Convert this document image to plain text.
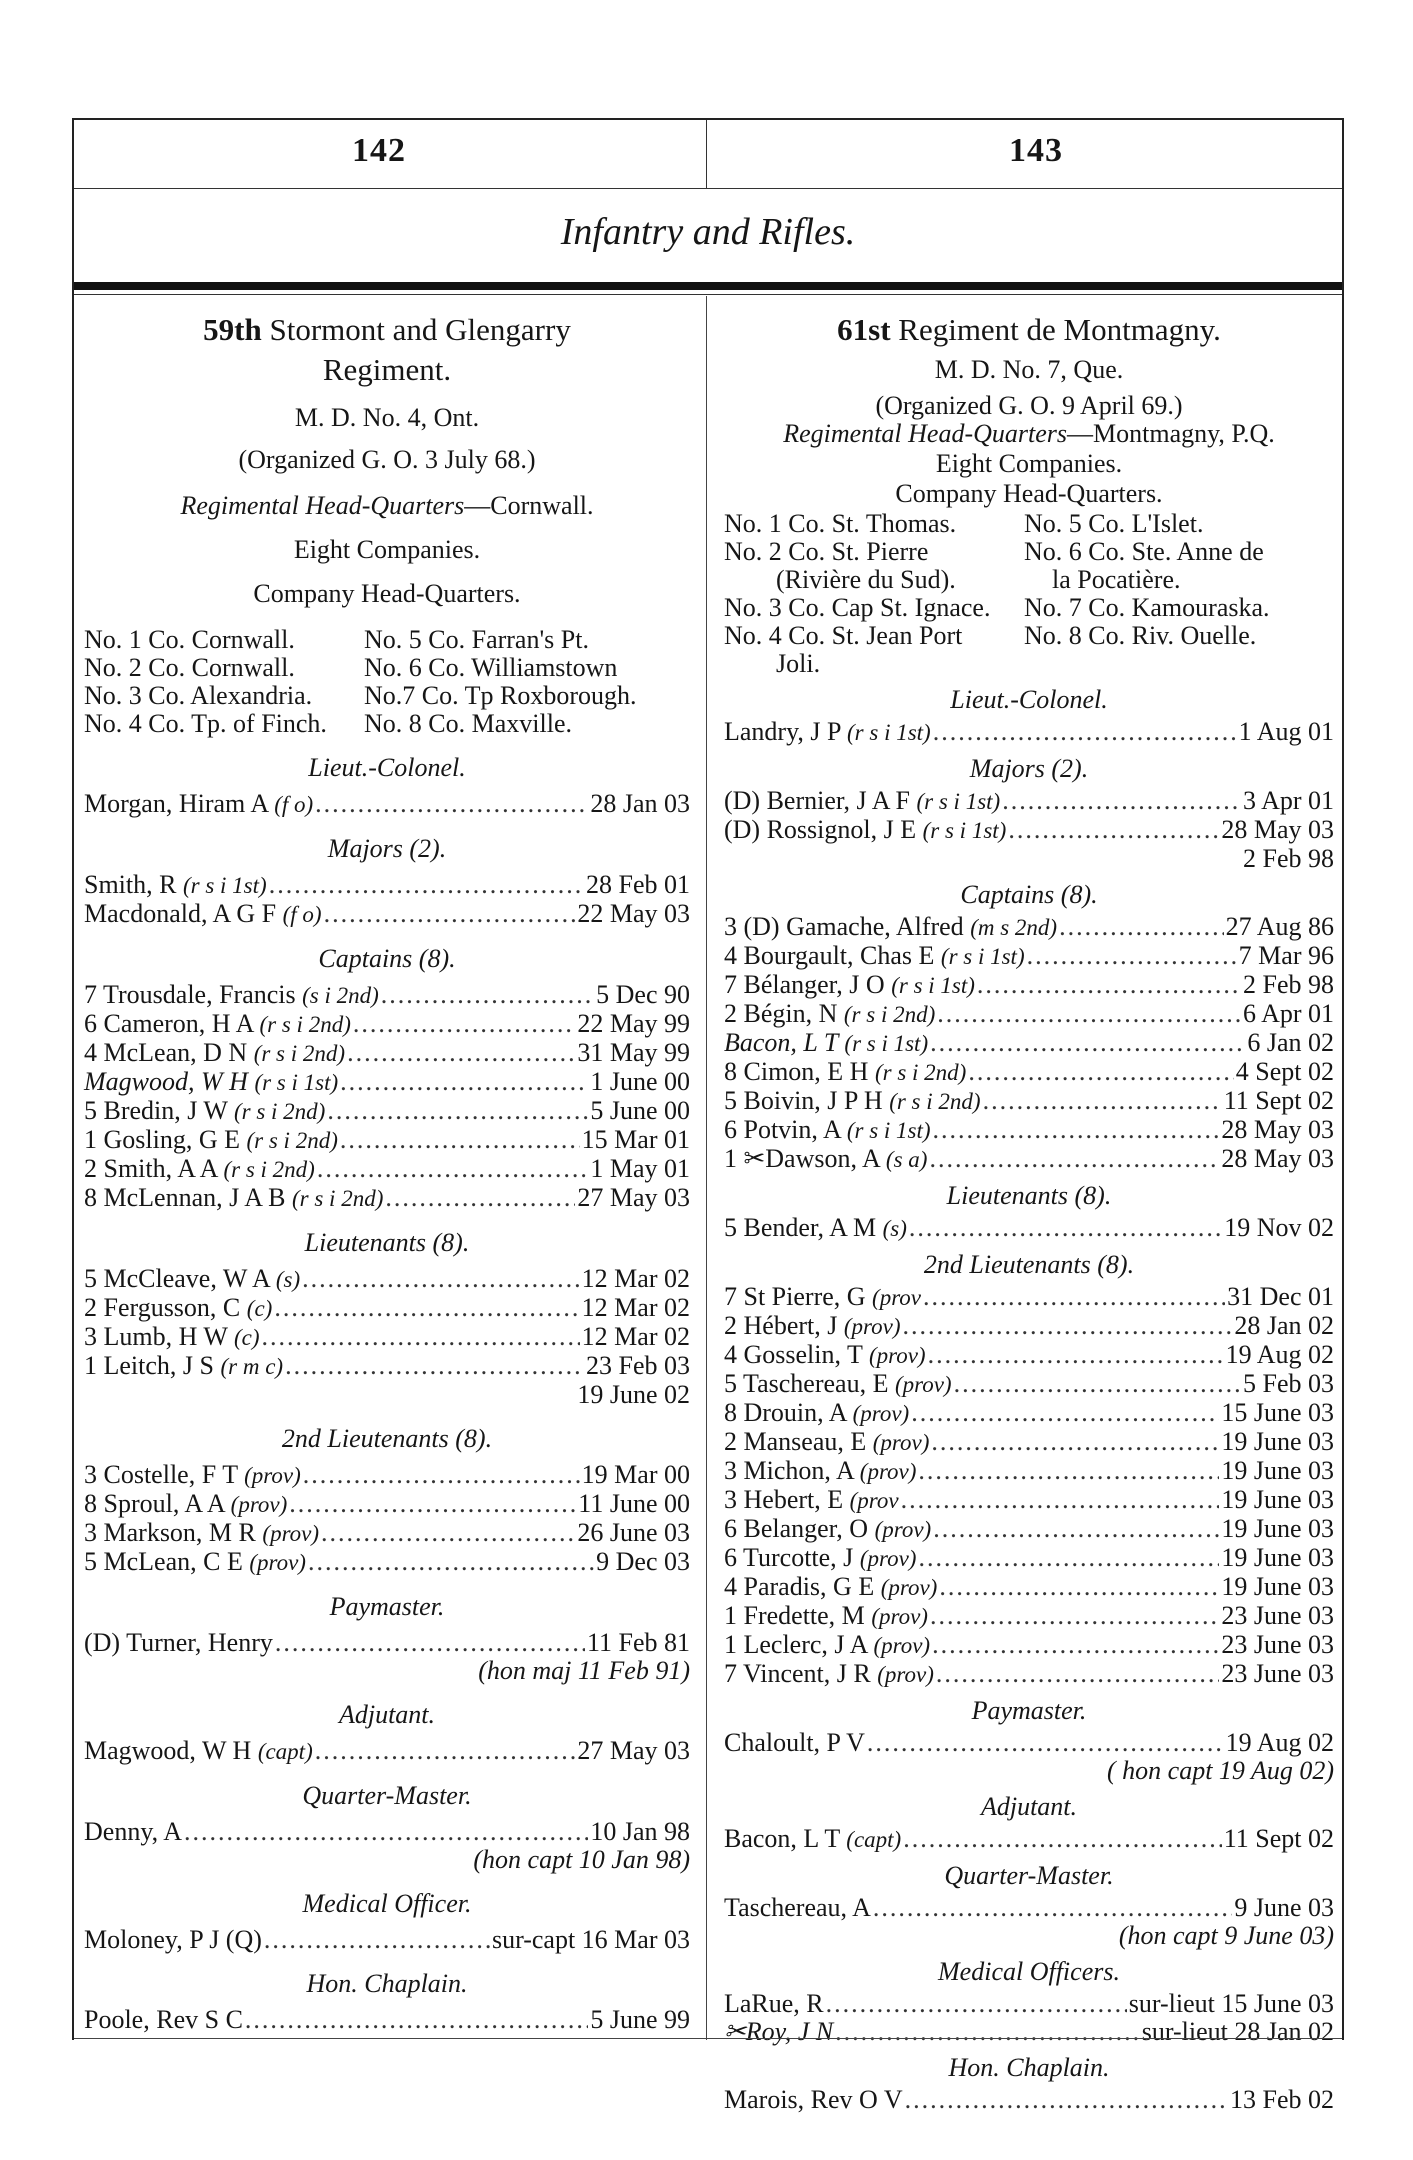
142	143
Infantry and Rifles.
59th Stormont and Glengarry
Regiment.
M. D. No. 4, Ont.
(Organized G. O. 3 July 68.)
Regimental Head-Quarters—Cornwall.
Eight Companies.
Company Head-Quarters.
No. 1 Co. Cornwall.	No. 5 Co. Farran's Pt.
No. 2 Co. Cornwall.	No. 6 Co. Williamstown
No. 3 Co. Alexandria.	No.7 Co. Tp Roxborough.
No. 4 Co. Tp. of Finch.	No. 8 Co. Maxville.
Lieut.-Colonel.
Morgan, Hiram A (f o) .....	28 Jan 03
Majors (2).
Smith, R (r s i 1st) .....	28 Feb 01
Macdonald, A G F (f o) .....	22 May 03
Captains (8).
7 Trousdale, Francis (s i 2nd) .....	5 Dec 90
6 Cameron, H A (r s i 2nd) .....	22 May 99
4 McLean, D N (r s i 2nd) .....	31 May 99
Magwood, W H (r s i 1st) .....	1 June 00
5 Bredin, J W (r s i 2nd) .....	5 June 00
1 Gosling, G E (r s i 2nd) .....	15 Mar 01
2 Smith, A A (r s i 2nd) .....	1 May 01
8 McLennan, J A B (r s i 2nd) .....	27 May 03
Lieutenants (8).
5 McCleave, W A (s) .....	12 Mar 02
2 Fergusson, C (c) .....	12 Mar 02
3 Lumb, H W (c) .....	12 Mar 02
1 Leitch, J S (r m c) .....	23 Feb 03
19 June 02
2nd Lieutenants (8).
3 Costelle, F T (prov) .....	19 Mar 00
8 Sproul, A A (prov) .....	11 June 00
3 Markson, M R (prov) .....	26 June 03
5 McLean, C E (prov) .....	9 Dec 03
Paymaster.
(D) Turner, Henry .....	11 Feb 81
(hon maj 11 Feb 91)
Adjutant.
Magwood, W H (capt) .....	27 May 03
Quarter-Master.
Denny, A .....	10 Jan 98
(hon capt 10 Jan 98)
Medical Officer.
Moloney, P J (Q) .....	sur-capt 16 Mar 03
Hon. Chaplain.
Poole, Rev S C .....	5 June 99
61st Regiment de Montmagny.
M. D. No. 7, Que.
(Organized G. O. 9 April 69.)
Regimental Head-Quarters—Montmagny, P.Q.
Eight Companies.
Company Head-Quarters.
No. 1 Co. St. Thomas.	No. 5 Co. L'Islet.
No. 2 Co. St. Pierre	No. 6 Co. Ste. Anne de
(Rivière du Sud).	la Pocatière.
No. 3 Co. Cap St. Ignace.	No. 7 Co. Kamouraska.
No. 4 Co. St. Jean Port	No. 8 Co. Riv. Ouelle.
Joli.
Lieut.-Colonel.
Landry, J P (r s i 1st) .....	1 Aug 01
Majors (2).
(D) Bernier, J A F (r s i 1st) .....	3 Apr 01
(D) Rossignol, J E (r s i 1st) .....	28 May 03
2 Feb 98
Captains (8).
3 (D) Gamache, Alfred (m s 2nd) .....	27 Aug 86
4 Bourgault, Chas E (r s i 1st) .....	7 Mar 96
7 Bélanger, J O (r s i 1st) .....	2 Feb 98
2 Bégin, N (r s i 2nd) .....	6 Apr 01
Bacon, L T (r s i 1st) .....	6 Jan 02
8 Cimon, E H (r s i 2nd) .....	4 Sept 02
5 Boivin, J P H (r s i 2nd) .....	11 Sept 02
6 Potvin, A (r s i 1st) .....	28 May 03
1 ✂Dawson, A (s a) .....	28 May 03
Lieutenants (8).
5 Bender, A M (s) .....	19 Nov 02
2nd Lieutenants (8).
7 St Pierre, G (prov .....	31 Dec 01
2 Hébert, J (prov) .....	28 Jan 02
4 Gosselin, T (prov) .....	19 Aug 02
5 Taschereau, E (prov) .....	5 Feb 03
8 Drouin, A (prov) .....	15 June 03
2 Manseau, E (prov) .....	19 June 03
3 Michon, A (prov) .....	19 June 03
3 Hebert, E (prov .....	19 June 03
6 Belanger, O (prov) .....	19 June 03
6 Turcotte, J (prov) .....	19 June 03
4 Paradis, G E (prov) .....	19 June 03
1 Fredette, M (prov) .....	23 June 03
1 Leclerc, J A (prov) .....	23 June 03
7 Vincent, J R (prov) .....	23 June 03
Paymaster.
Chaloult, P V .....	19 Aug 02
( hon capt 19 Aug 02)
Adjutant.
Bacon, L T (capt) .....	11 Sept 02
Quarter-Master.
Taschereau, A .....	9 June 03
(hon capt 9 June 03)
Medical Officers.
LaRue, R .....	sur-lieut 15 June 03
✂Roy, J N .....	sur-lieut 28 Jan 02
Hon. Chaplain.
Marois, Rev O V .....	13 Feb 02
